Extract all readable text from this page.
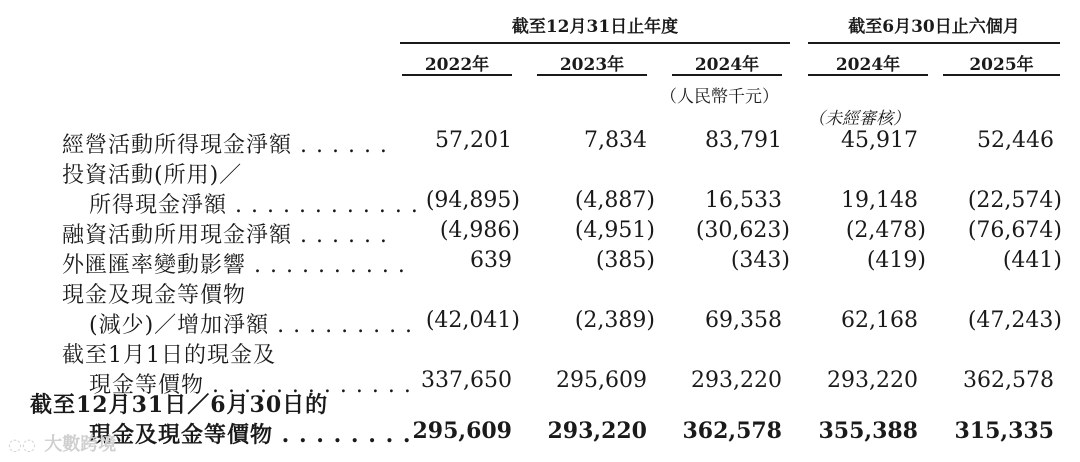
截至12月31日止年度	截至6月30日止六個月
2022年	2023年	2024年	2024年	2025年
（人民幣千元）
（未經審核）
經營活動所得現金淨額 . . . . . . 57,201	7,834	83,791	45,917	52,446
投資活動(所用)／
所得現金淨額 . . . . . . . . . . . . (94,895) (4,887) 16,533	19,148 (22,574)
融資活動所用現金淨額 . . . . . . (4,986) (4,951) (30,623)	(2,478) (76,674)
外匯匯率變動影響 . . . . . . . . . .	639	(385)	(343)	(419)	(441)
現金及現金等價物
(減少)／增加淨額 . . . . . . . . . (42,041) (2,389) 69,358	62,168 (47,243)
截至1月1日的現金及
現金等價物 . . . . . . . . . . . . . 337,650 295,609 293,220 293,220 362,578
截至12月31日／6月30日的
現金及現金等價物 . . . . . . . . 295,609 293,220 362,578 355,388 315,335
◌◌ 大數跨境
